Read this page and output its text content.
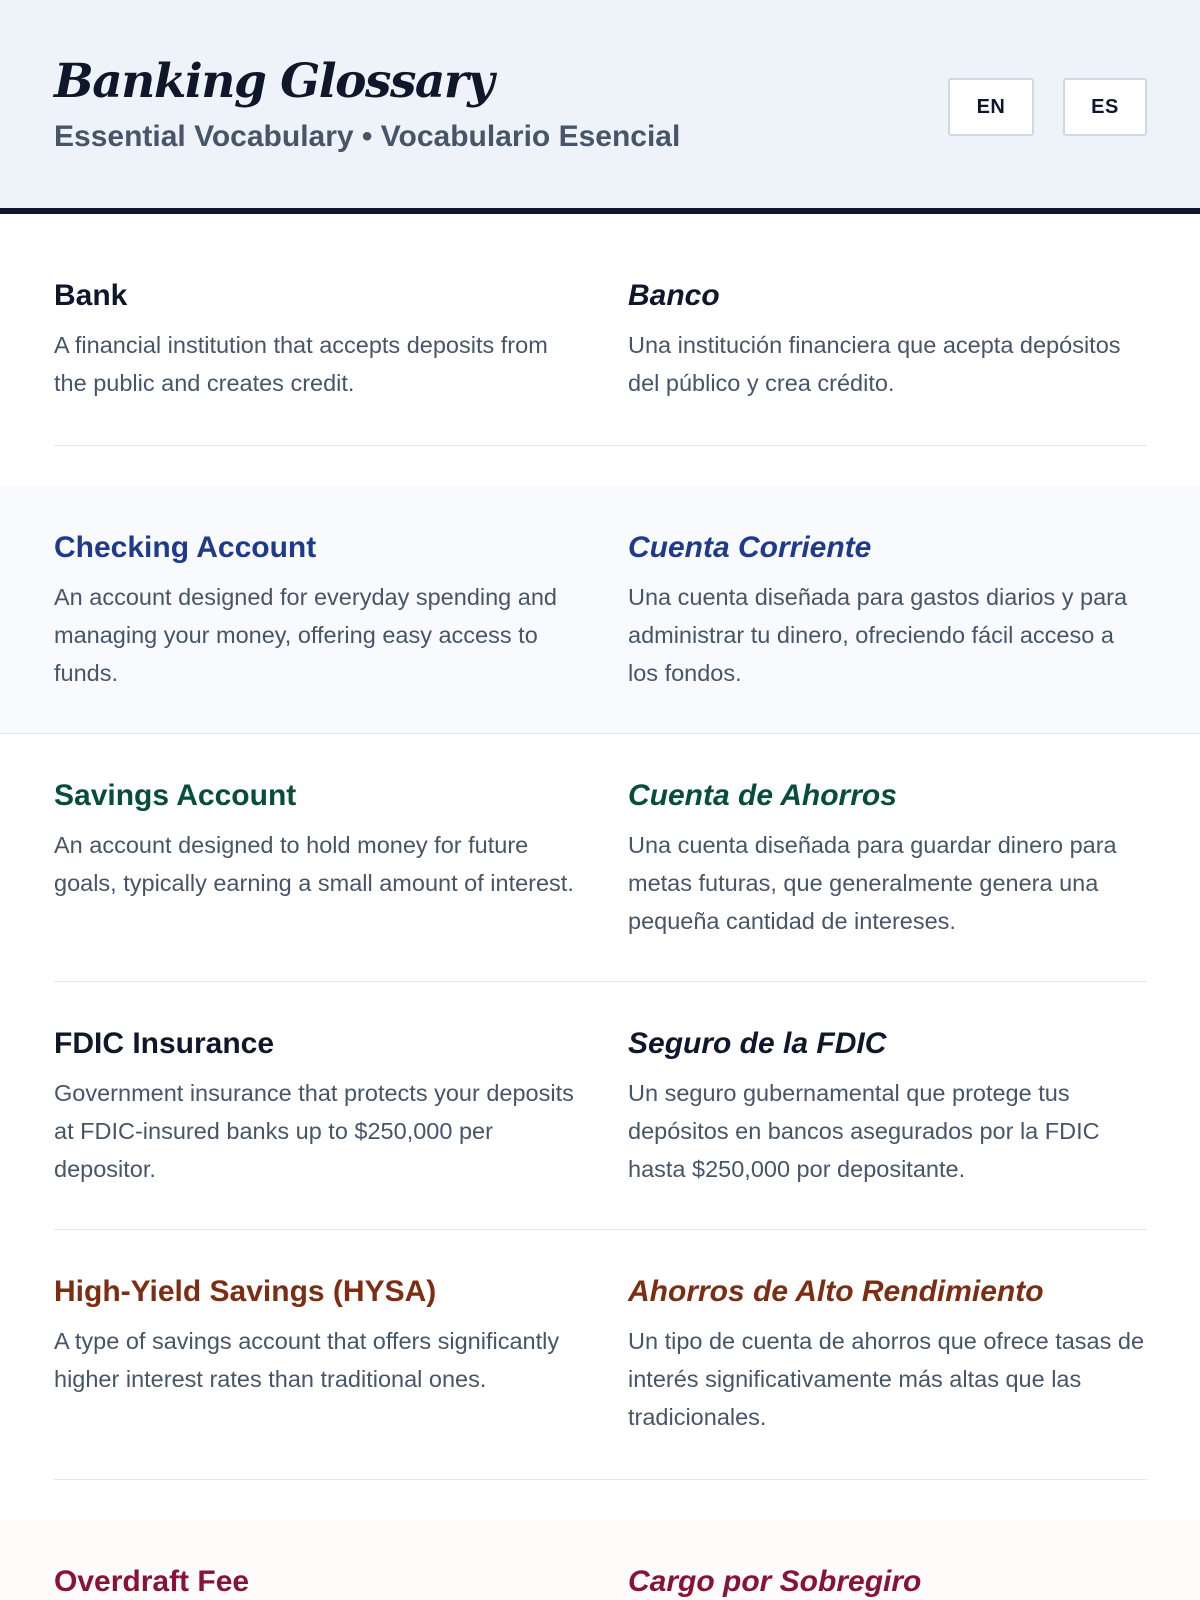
Banking Glossary

Essential Vocabulary • Vocabulario Esencial

EN	ES
Bank

A financial institution that accepts deposits from the public and creates credit.

Banco

Una institución financiera que acepta depósitos del público y crea crédito.

Checking Account

An account designed for everyday spending and managing your money, offering easy access to funds.

Cuenta Corriente

Una cuenta diseñada para gastos diarios y para administrar tu dinero, ofreciendo fácil acceso a los fondos.

Savings Account

An account designed to hold money for future goals, typically earning a small amount of interest.

Cuenta de Ahorros

Una cuenta diseñada para guardar dinero para metas futuras, que generalmente genera una pequeña cantidad de intereses.

FDIC Insurance

Government insurance that protects your deposits at FDIC-insured banks up to $250,000 per depositor.

Seguro de la FDIC

Un seguro gubernamental que protege tus depósitos en bancos asegurados por la FDIC hasta $250,000 por depositante.

High-Yield Savings (HYSA)

A type of savings account that offers significantly higher interest rates than traditional ones.

Ahorros de Alto Rendimiento

Un tipo de cuenta de ahorros que ofrece tasas de interés significativamente más altas que las tradicionales.

Overdraft Fee	Cargo por Sobregiro
